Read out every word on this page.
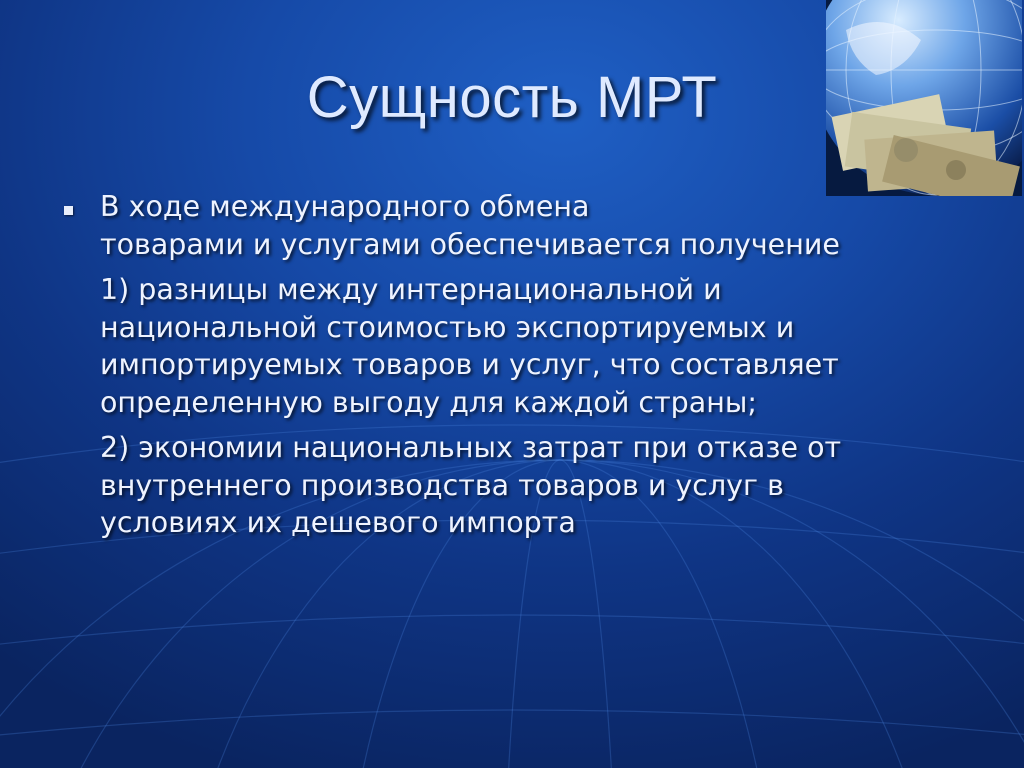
Сущность МРТ

В ходе международного обмена
товарами и услугами обеспечивается получение

1) разницы между интернациональной и
национальной стоимостью экспортируемых и
импортируемых товаров и услуг, что составляет
определенную выгоду для каждой страны;

2) экономии национальных затрат при отказе от
внутреннего производства товаров и услуг в
условиях их дешевого импорта
